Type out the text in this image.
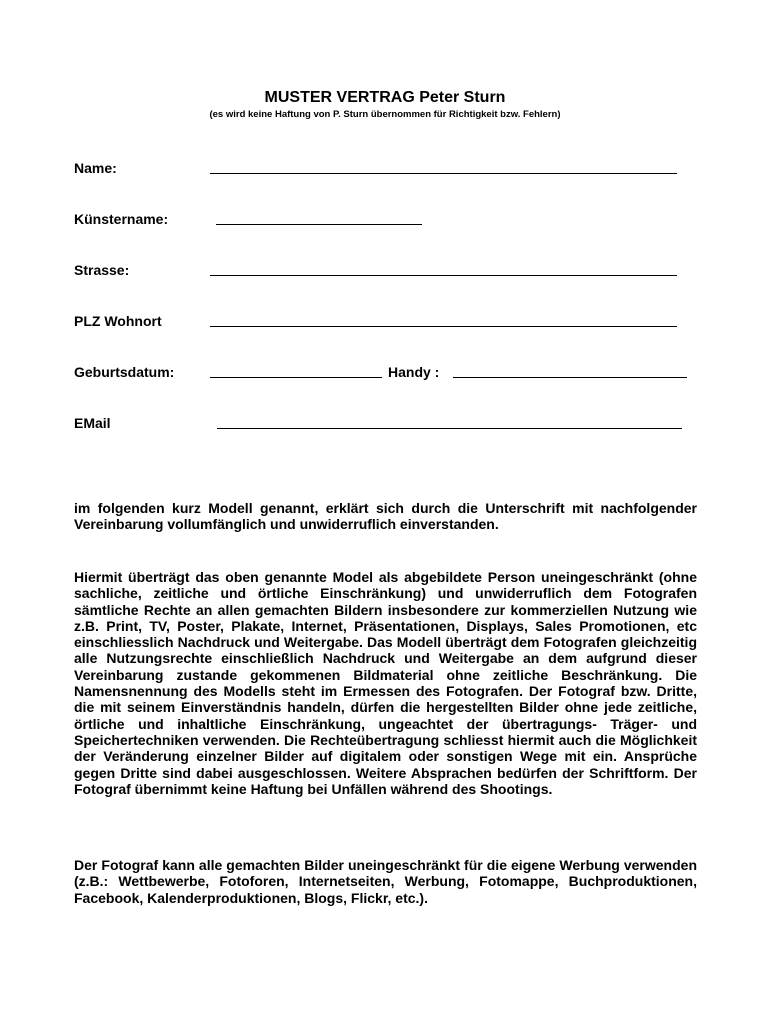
MUSTER VERTRAG Peter Sturn
(es wird keine Haftung von P. Sturn übernommen für Richtigkeit bzw. Fehlern)
Name:
Künstername:
Strasse:
PLZ Wohnort
Geburtsdatum:	Handy :
EMail

im folgenden kurz Modell genannt, erklärt sich durch die Unterschrift mit nachfolgender Vereinbarung vollumfänglich und unwiderruflich einverstanden.

Hiermit überträgt das oben genannte Model als abgebildete Person uneingeschränkt (ohne sachliche, zeitliche und örtliche Einschränkung) und unwiderruflich dem Fotografen sämtliche Rechte an allen gemachten Bildern insbesondere zur kommerziellen Nutzung wie z.B. Print, TV, Poster, Plakate, Internet, Präsentationen, Displays, Sales Promotionen, etc einschliesslich Nachdruck und Weitergabe. Das Modell überträgt dem Fotografen gleichzeitig alle Nutzungsrechte einschließlich Nachdruck und Weitergabe an dem aufgrund dieser Vereinbarung zustande gekommenen Bildmaterial ohne zeitliche Beschränkung. Die Namensnennung des Modells steht im Ermessen des Fotografen. Der Fotograf bzw. Dritte, die mit seinem Einverständnis handeln, dürfen die hergestellten Bilder ohne jede zeitliche, örtliche und inhaltliche Einschränkung, ungeachtet der übertragungs- Träger- und Speichertechniken verwenden. Die Rechteübertragung schliesst hiermit auch die Möglichkeit der Veränderung einzelner Bilder auf digitalem oder sonstigen Wege mit ein. Ansprüche gegen Dritte sind dabei ausgeschlossen. Weitere Absprachen bedürfen der Schriftform. Der Fotograf übernimmt keine Haftung bei Unfällen während des Shootings.

Der Fotograf kann alle gemachten Bilder uneingeschränkt für die eigene Werbung verwenden (z.B.: Wettbewerbe, Fotoforen, Internetseiten, Werbung, Fotomappe, Buchproduktionen, Facebook, Kalenderproduktionen, Blogs, Flickr, etc.).
